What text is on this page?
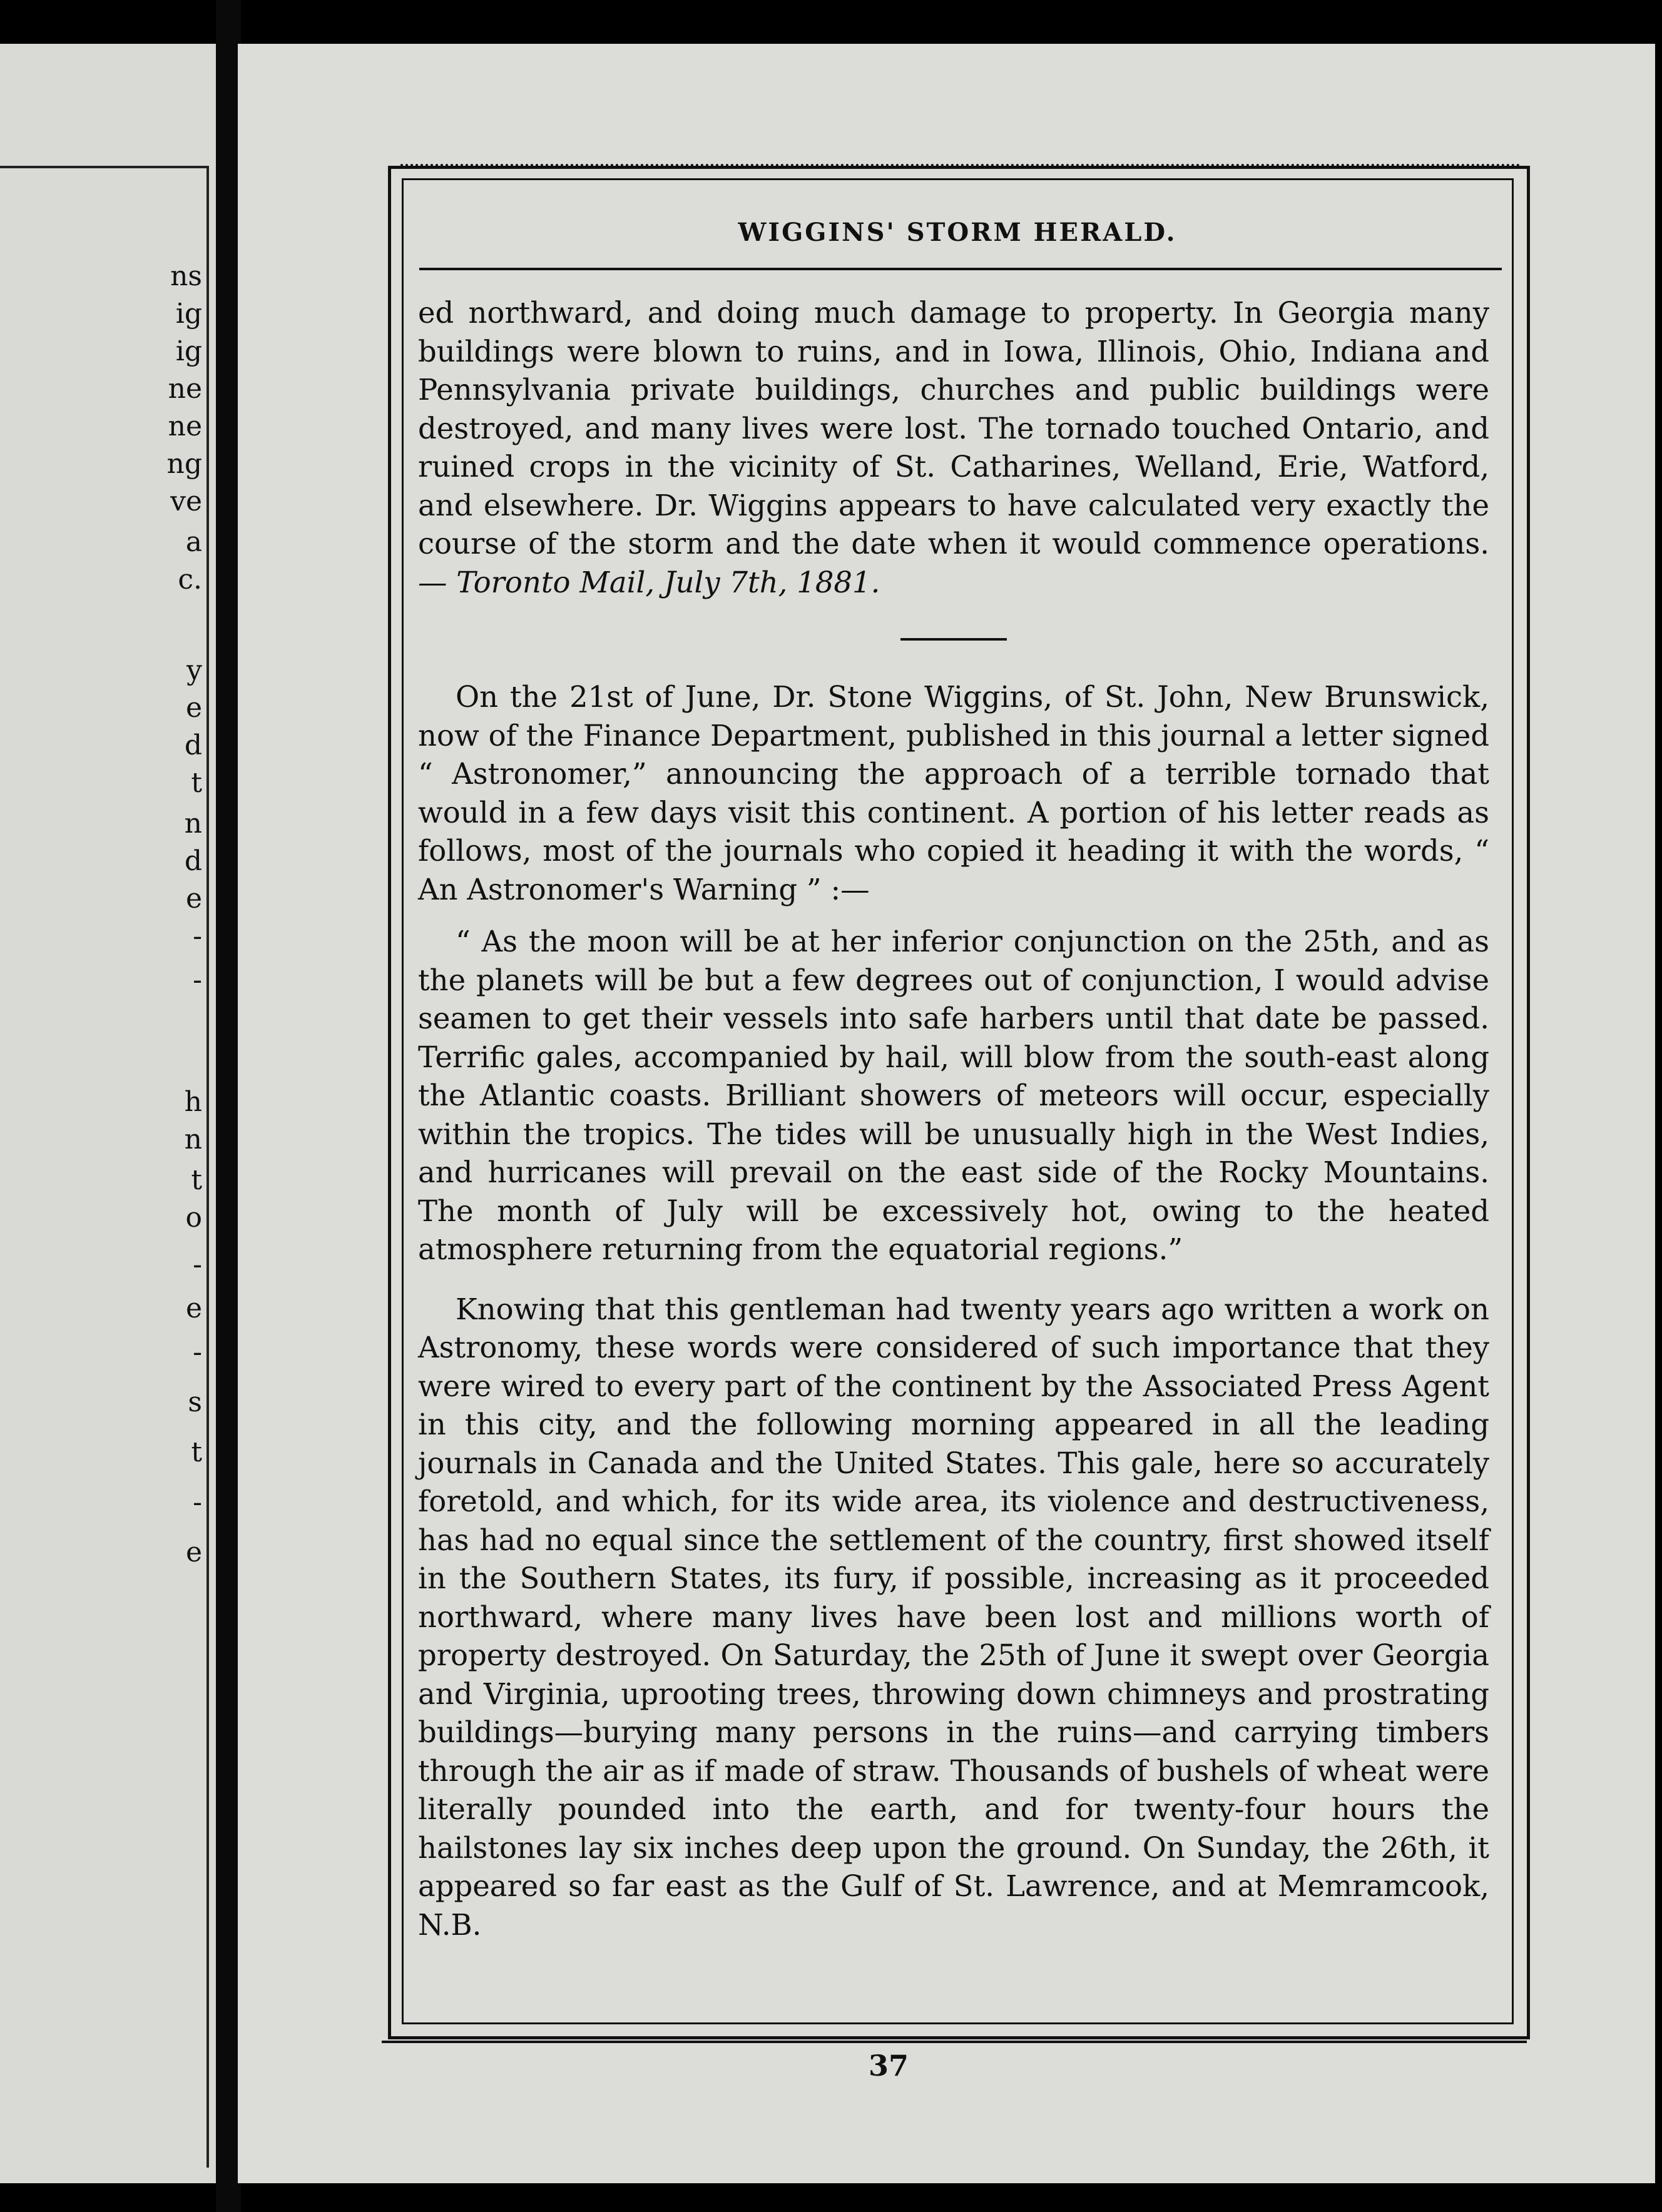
ns
ig
ig
ne
ne
ng
ve
a
c.
y
e
d
t
n
d
e
-
-
h
n
t
o
-
e
-
s
t
-
e
WIGGINS' STORM HERALD.

ed northward, and doing much damage to property. In Georgia many buildings were blown to ruins, and in Iowa, Illinois, Ohio, Indiana and Pennsylvania private buildings, churches and public buildings were destroyed, and many lives were lost. The tornado touched Ontario, and ruined crops in the vicinity of St. Catharines, Welland, Erie, Watford, and elsewhere. Dr. Wiggins appears to have calculated very exactly the course of the storm and the date when it would commence operations.— Toronto Mail, July 7th, 1881.

On the 21st of June, Dr. Stone Wiggins, of St. John, New Brunswick, now of the Finance Department, published in this journal a letter signed “ Astronomer,” announcing the approach of a terrible tornado that would in a few days visit this continent. A portion of his letter reads as follows, most of the journals who copied it heading it with the words, “ An Astronomer's Warning ” :—

“ As the moon will be at her inferior conjunction on the 25th, and as the planets will be but a few degrees out of conjunction, I would advise seamen to get their vessels into safe harbers until that date be passed. Terrific gales, accompanied by hail, will blow from the south-east along the Atlantic coasts. Brilliant showers of meteors will occur, especially within the tropics. The tides will be unusually high in the West Indies, and hurricanes will prevail on the east side of the Rocky Mountains. The month of July will be excessively hot, owing to the heated atmosphere returning from the equatorial regions.”

Knowing that this gentleman had twenty years ago written a work on Astronomy, these words were considered of such importance that they were wired to every part of the continent by the Associated Press Agent in this city, and the following morning appeared in all the leading journals in Canada and the United States. This gale, here so accurately foretold, and which, for its wide area, its violence and destructiveness, has had no equal since the settlement of the country, first showed itself in the Southern States, its fury, if possible, increasing as it proceeded northward, where many lives have been lost and millions worth of property destroyed. On Saturday, the 25th of June it swept over Georgia and Virginia, uprooting trees, throwing down chimneys and prostrating buildings—burying many persons in the ruins—and carrying timbers through the air as if made of straw. Thousands of bushels of wheat were literally pounded into the earth, and for twenty-four hours the hailstones lay six inches deep upon the ground. On Sunday, the 26th, it appeared so far east as the Gulf of St. Lawrence, and at Memramcook, N.B.

37
